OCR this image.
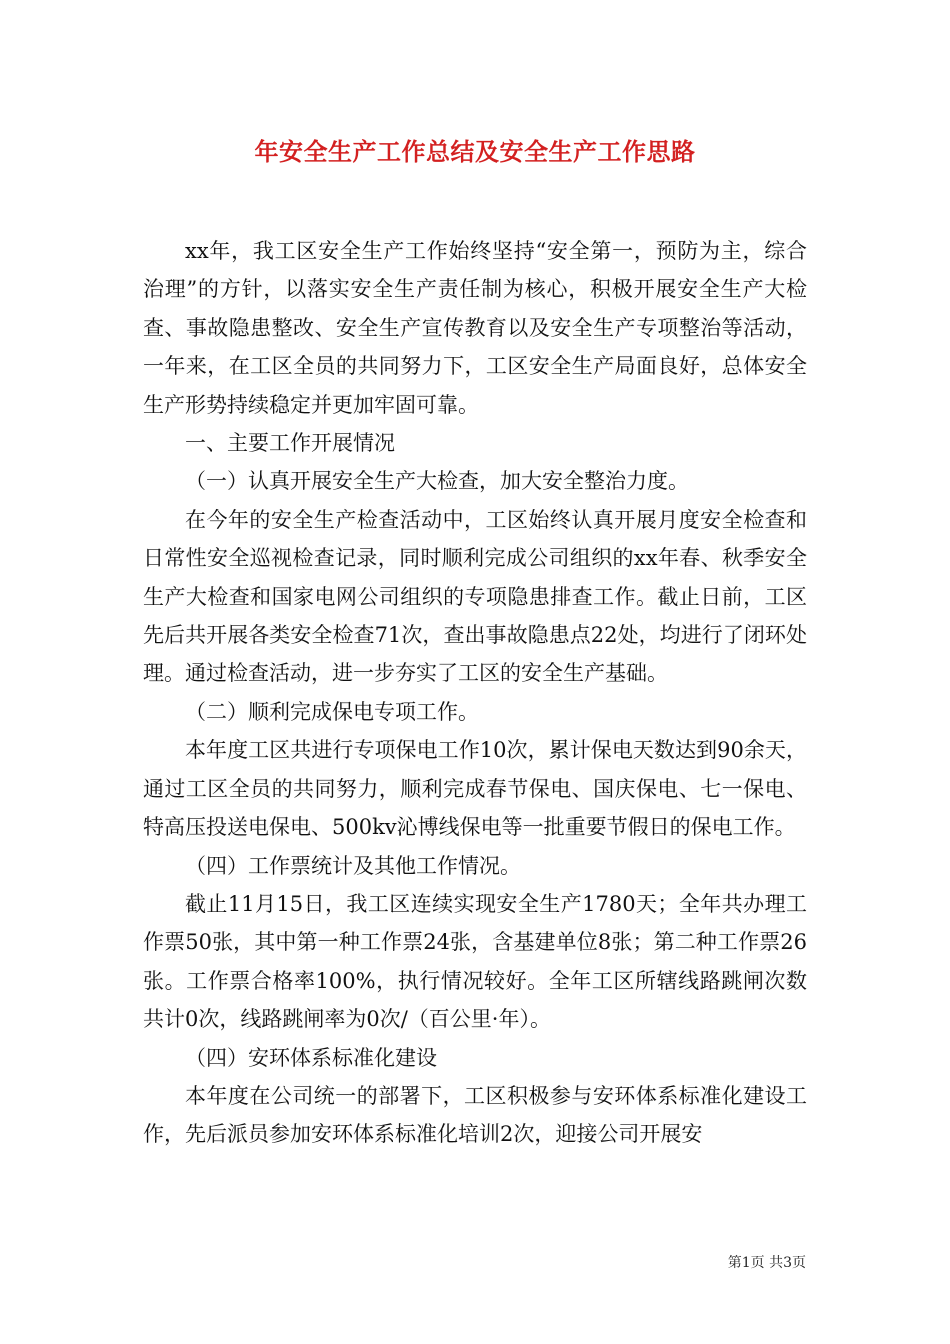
年安全生产工作总结及安全生产工作思路

xx年，我工区安全生产工作始终坚持“安全第一，预防为主，综合治理”的方针，以落实安全生产责任制为核心，积极开展安全生产大检查、事故隐患整改、安全生产宣传教育以及安全生产专项整治等活动，一年来，在工区全员的共同努力下，工区安全生产局面良好，总体安全生产形势持续稳定并更加牢固可靠。

一、主要工作开展情况

（一）认真开展安全生产大检查，加大安全整治力度。

在今年的安全生产检查活动中，工区始终认真开展月度安全检查和日常性安全巡视检查记录，同时顺利完成公司组织的xx年春、秋季安全生产大检查和国家电网公司组织的专项隐患排查工作。截止日前，工区先后共开展各类安全检查71次，查出事故隐患点22处，均进行了闭环处理。通过检查活动，进一步夯实了工区的安全生产基础。

（二）顺利完成保电专项工作。

本年度工区共进行专项保电工作10次，累计保电天数达到90余天，通过工区全员的共同努力，顺利完成春节保电、国庆保电、七一保电、特高压投送电保电、500kv沁博线保电等一批重要节假日的保电工作。

（四）工作票统计及其他工作情况。

截止11月15日，我工区连续实现安全生产1780天；全年共办理工作票50张，其中第一种工作票24张，含基建单位8张；第二种工作票26张。工作票合格率100%，执行情况较好。全年工区所辖线路跳闸次数共计0次，线路跳闸率为0次/（百公里·年）。

（四）安环体系标准化建设

本年度在公司统一的部署下，工区积极参与安环体系标准化建设工作，先后派员参加安环体系标准化培训2次，迎接公司开展安

第1页 共3页
